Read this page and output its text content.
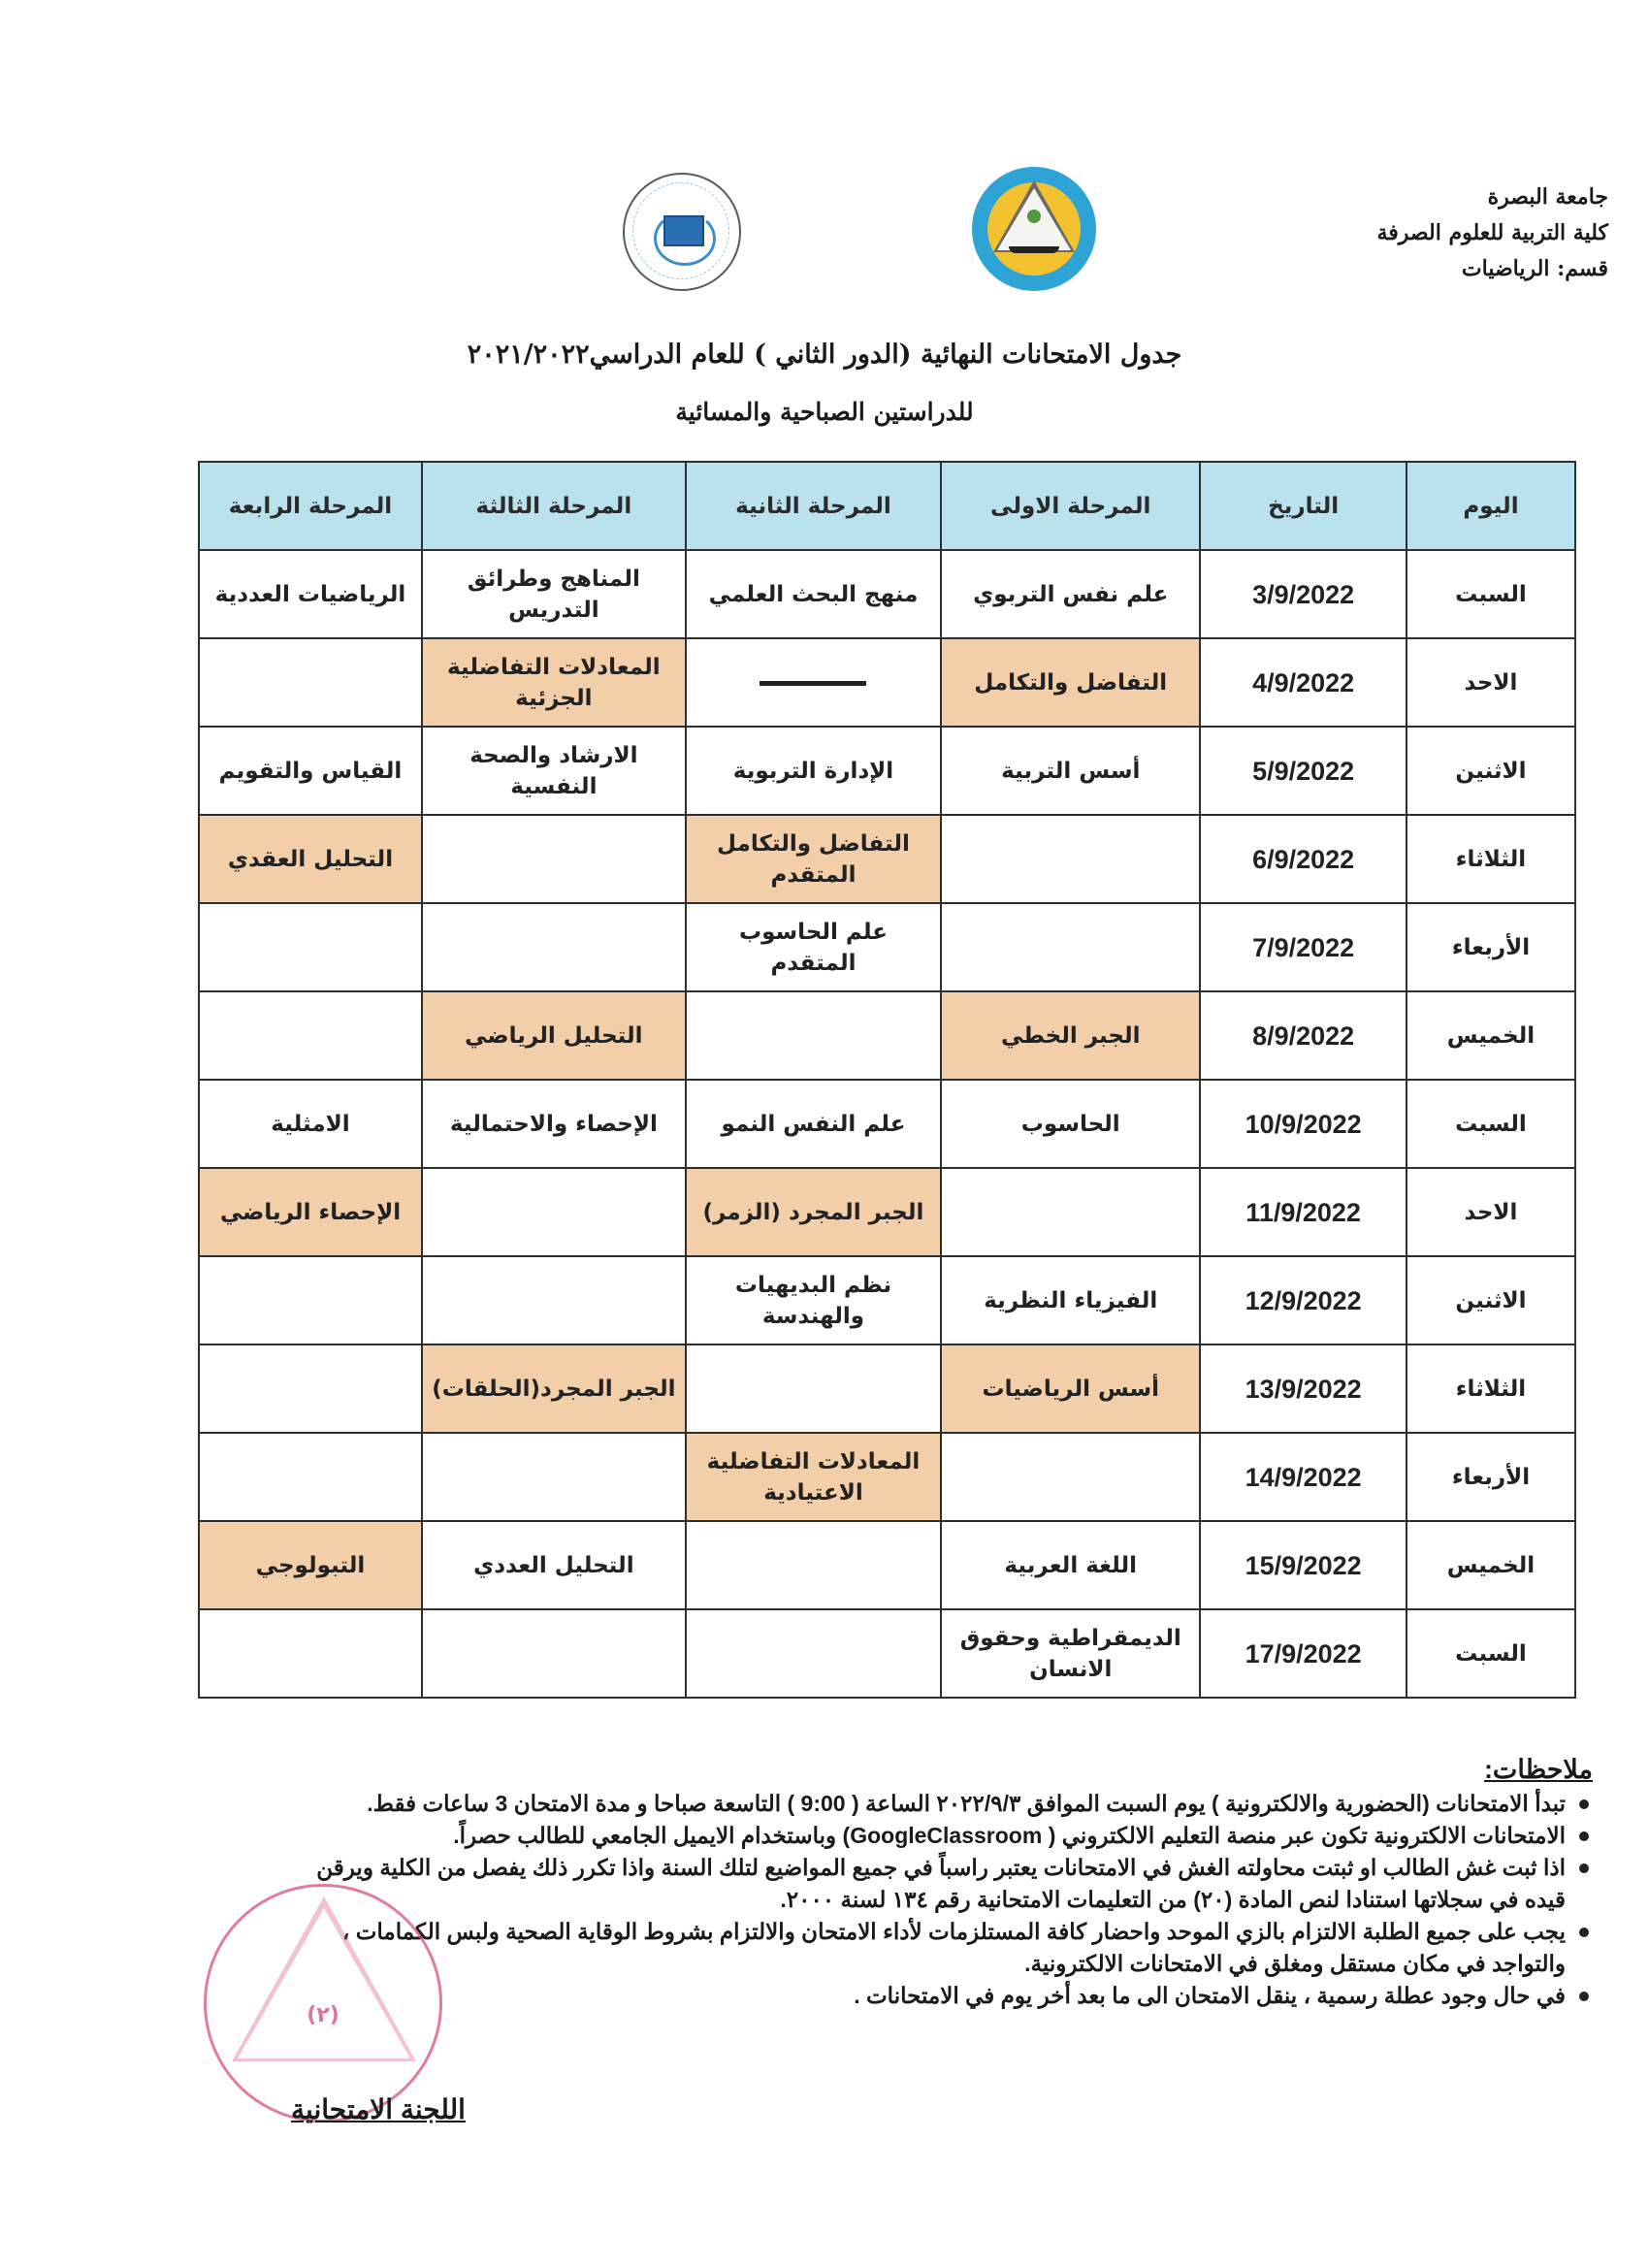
جامعة البصرة
كلية التربية للعلوم الصرفة
قسم: الرياضيات
جدول الامتحانات النهائية (الدور الثاني ) للعام الدراسي٢٠٢١/٢٠٢٢
للدراستين الصباحية والمسائية
اليوم	التاريخ	المرحلة الاولى	المرحلة الثانية	المرحلة الثالثة	المرحلة الرابعة
السبت	3/9/2022	علم نفس التربوي	منهج البحث العلمي	المناهج وطرائق التدريس	الرياضيات العددية
الاحد	4/9/2022	التفاضل والتكامل		المعادلات التفاضلية الجزئية	
الاثنين	5/9/2022	أسس التربية	الإدارة التربوية	الارشاد والصحة النفسية	القياس والتقويم
الثلاثاء	6/9/2022		التفاضل والتكامل المتقدم		التحليل العقدي
الأربعاء	7/9/2022		علم الحاسوب المتقدم		
الخميس	8/9/2022	الجبر الخطي		التحليل الرياضي	
السبت	10/9/2022	الحاسوب	علم النفس النمو	الإحصاء والاحتمالية	الامثلية
الاحد	11/9/2022		الجبر المجرد (الزمر)		الإحصاء الرياضي
الاثنين	12/9/2022	الفيزياء النظرية	نظم البديهيات والهندسة		
الثلاثاء	13/9/2022	أسس الرياضيات		الجبر المجرد(الحلقات)	
الأربعاء	14/9/2022		المعادلات التفاضلية الاعتيادية		
الخميس	15/9/2022	اللغة العربية		التحليل العددي	التبولوجي
السبت	17/9/2022	الديمقراطية وحقوق الانسان			
ملاحظات:
تبدأ الامتحانات (الحضورية والالكترونية ) يوم السبت الموافق ٢٠٢٢/٩/٣ الساعة ( 9:00 ) التاسعة صباحا و مدة الامتحان 3 ساعات فقط.
الامتحانات الالكترونية تكون عبر منصة التعليم الالكتروني ( GoogleClassroom) وباستخدام الايميل الجامعي للطالب حصراً.
اذا ثبت غش الطالب او ثبتت محاولته الغش في الامتحانات يعتبر راسباً في جميع المواضيع لتلك السنة واذا تكرر ذلك يفصل من الكلية ويرقن
قيده في سجلاتها استنادا لنص المادة (٢٠) من التعليمات الامتحانية رقم ١٣٤ لسنة ٢٠٠٠.
يجب على جميع الطلبة الالتزام بالزي الموحد واحضار كافة المستلزمات لأداء الامتحان والالتزام بشروط الوقاية الصحية ولبس الكمامات ،
والتواجد في مكان مستقل ومغلق في الامتحانات الالكترونية.
في حال وجود عطلة رسمية ، ينقل الامتحان الى ما بعد أخر يوم في الامتحانات .
(٢)
اللجنة الامتحانية
